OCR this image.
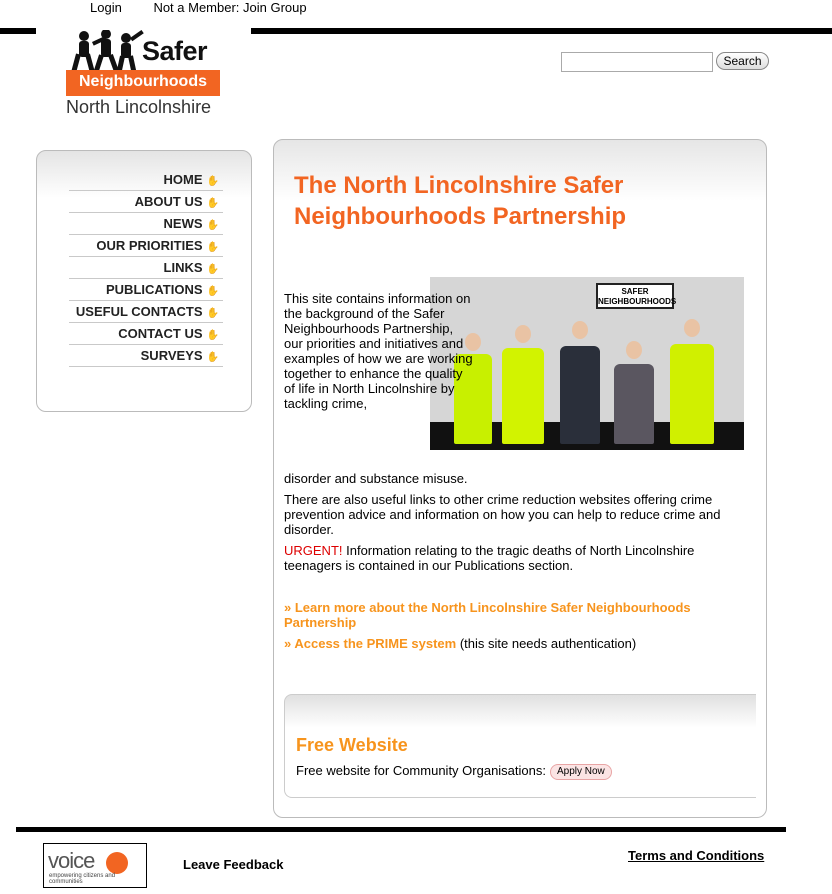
Login Not a Member: Join Group
Safer
Neighbourhoods
North Lincolnshire
Search
HOME ✋
ABOUT US ✋
NEWS ✋
OUR PRIORITIES ✋
LINKS ✋
PUBLICATIONS ✋
USEFUL CONTACTS ✋
CONTACT US ✋
SURVEYS ✋
The North Lincolnshire Safer Neighbourhoods Partnership
SAFER
NEIGHBOURHOODS

This site contains information on the background of the Safer Neighbourhoods Partnership, our priorities and initiatives and examples of how we are working together to enhance the quality of life in North Lincolnshire by tackling crime,

disorder and substance misuse.

There are also useful links to other crime reduction websites offering crime prevention advice and information on how you can help to reduce crime and disorder.

URGENT! Information relating to the tragic deaths of North Lincolnshire teenagers is contained in our Publications section.

» Learn more about the North Lincolnshire Safer Neighbourhoods Partnership
» Access the PRIME system (this site needs authentication)
Free Website
Free website for Community Organisations: Apply Now
voice
empowering citizens and communities
Leave Feedback
Terms and Conditions
